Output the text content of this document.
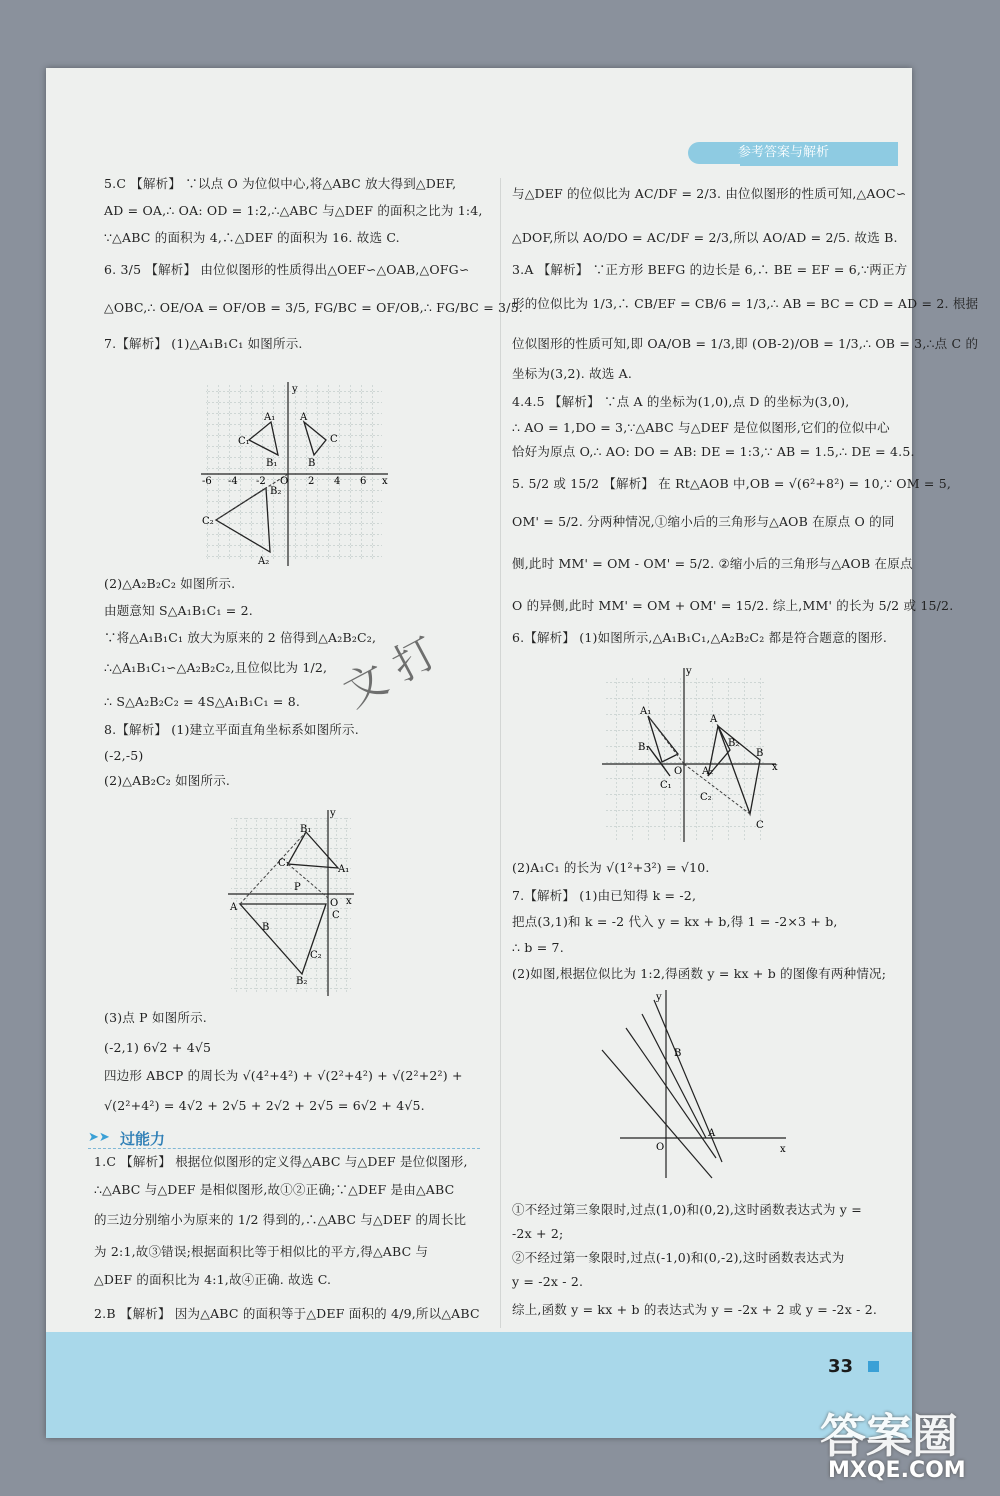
参考答案与解析
5.C 【解析】 ∵以点 O 为位似中心,将△ABC 放大得到△DEF,
AD = OA,∴ OA: OD = 1:2,∴△ABC 与△DEF 的面积之比为 1:4,
∵△ABC 的面积为 4,∴△DEF 的面积为 16. 故选 C.
6. 3/5 【解析】 由位似图形的性质得出△OEF∽△OAB,△OFG∽
△OBC,∴ OE/OA = OF/OB = 3/5, FG/BC = OF/OB,∴ FG/BC = 3/5.
7.【解析】 (1)△A₁B₁C₁ 如图所示.
(2)△A₂B₂C₂ 如图所示.
由题意知 S△A₁B₁C₁ = 2.
∵将△A₁B₁C₁ 放大为原来的 2 倍得到△A₂B₂C₂,
∴△A₁B₁C₁∽△A₂B₂C₂,且位似比为 1/2,
∴ S△A₂B₂C₂ = 4S△A₁B₁C₁ = 8.
8.【解析】 (1)建立平面直角坐标系如图所示.
(-2,-5)
(2)△AB₂C₂ 如图所示.
(3)点 P 如图所示.
(-2,1) 6√2 + 4√5
四边形 ABCP 的周长为 √(4²+4²) + √(2²+4²) + √(2²+2²) +
√(2²+4²) = 4√2 + 2√5 + 2√2 + 2√5 = 6√2 + 4√5.
1.C 【解析】 根据位似图形的定义得△ABC 与△DEF 是位似图形,
∴△ABC 与△DEF 是相似图形,故①②正确;∵△DEF 是由△ABC
的三边分别缩小为原来的 1/2 得到的,∴△ABC 与△DEF 的周长比
为 2:1,故③错误;根据面积比等于相似比的平方,得△ABC 与
△DEF 的面积比为 4:1,故④正确. 故选 C.
2.B 【解析】 因为△ABC 的面积等于△DEF 面积的 4/9,所以△ABC
与△DEF 的位似比为 AC/DF = 2/3. 由位似图形的性质可知,△AOC∽
△DOF,所以 AO/DO = AC/DF = 2/3,所以 AO/AD = 2/5. 故选 B.
3.A 【解析】 ∵正方形 BEFG 的边长是 6,∴ BE = EF = 6,∵两正方
形的位似比为 1/3,∴ CB/EF = CB/6 = 1/3,∴ AB = BC = CD = AD = 2. 根据
位似图形的性质可知,即 OA/OB = 1/3,即 (OB-2)/OB = 1/3,∴ OB = 3,∴点 C 的
坐标为(3,2). 故选 A.
4.4.5 【解析】 ∵点 A 的坐标为(1,0),点 D 的坐标为(3,0),
∴ AO = 1,DO = 3,∵△ABC 与△DEF 是位似图形,它们的位似中心
恰好为原点 O,∴ AO: DO = AB: DE = 1:3,∵ AB = 1.5,∴ DE = 4.5.
5. 5/2 或 15/2 【解析】 在 Rt△AOB 中,OB = √(6²+8²) = 10,∵ OM = 5,
OM' = 5/2. 分两种情况,①缩小后的三角形与△AOB 在原点 O 的同
侧,此时 MM' = OM - OM' = 5/2. ②缩小后的三角形与△AOB 在原点
O 的异侧,此时 MM' = OM + OM' = 15/2. 综上,MM' 的长为 5/2 或 15/2.
6.【解析】 (1)如图所示,△A₁B₁C₁,△A₂B₂C₂ 都是符合题意的图形.
(2)A₁C₁ 的长为 √(1²+3²) = √10.
7.【解析】 (1)由已知得 k = -2,
把点(3,1)和 k = -2 代入 y = kx + b,得 1 = -2×3 + b,
∴ b = 7.
(2)如图,根据位似比为 1:2,得函数 y = kx + b 的图像有两种情况;
①不经过第三象限时,过点(1,0)和(0,2),这时函数表达式为 y =
-2x + 2;
②不经过第一象限时,过点(-1,0)和(0,-2),这时函数表达式为
y = -2x - 2.
综上,函数 y = kx + b 的表达式为 y = -2x + 2 或 y = -2x - 2.
➤➤ 过能力
y
x
O
-6 -4 -2	2 4 6
A₁
B₁
C₁
A
B
C
B₂
C₂
A₂
y
x
O
B₁
A₁
C₁
P
A
C
B
C₂
B₂
y
x
O
A
B
C
A₁
B₁
C₁
A₂
B₂
C₂
y
x
O
B
A
文 打
33
答案圈
MXQE.COM
